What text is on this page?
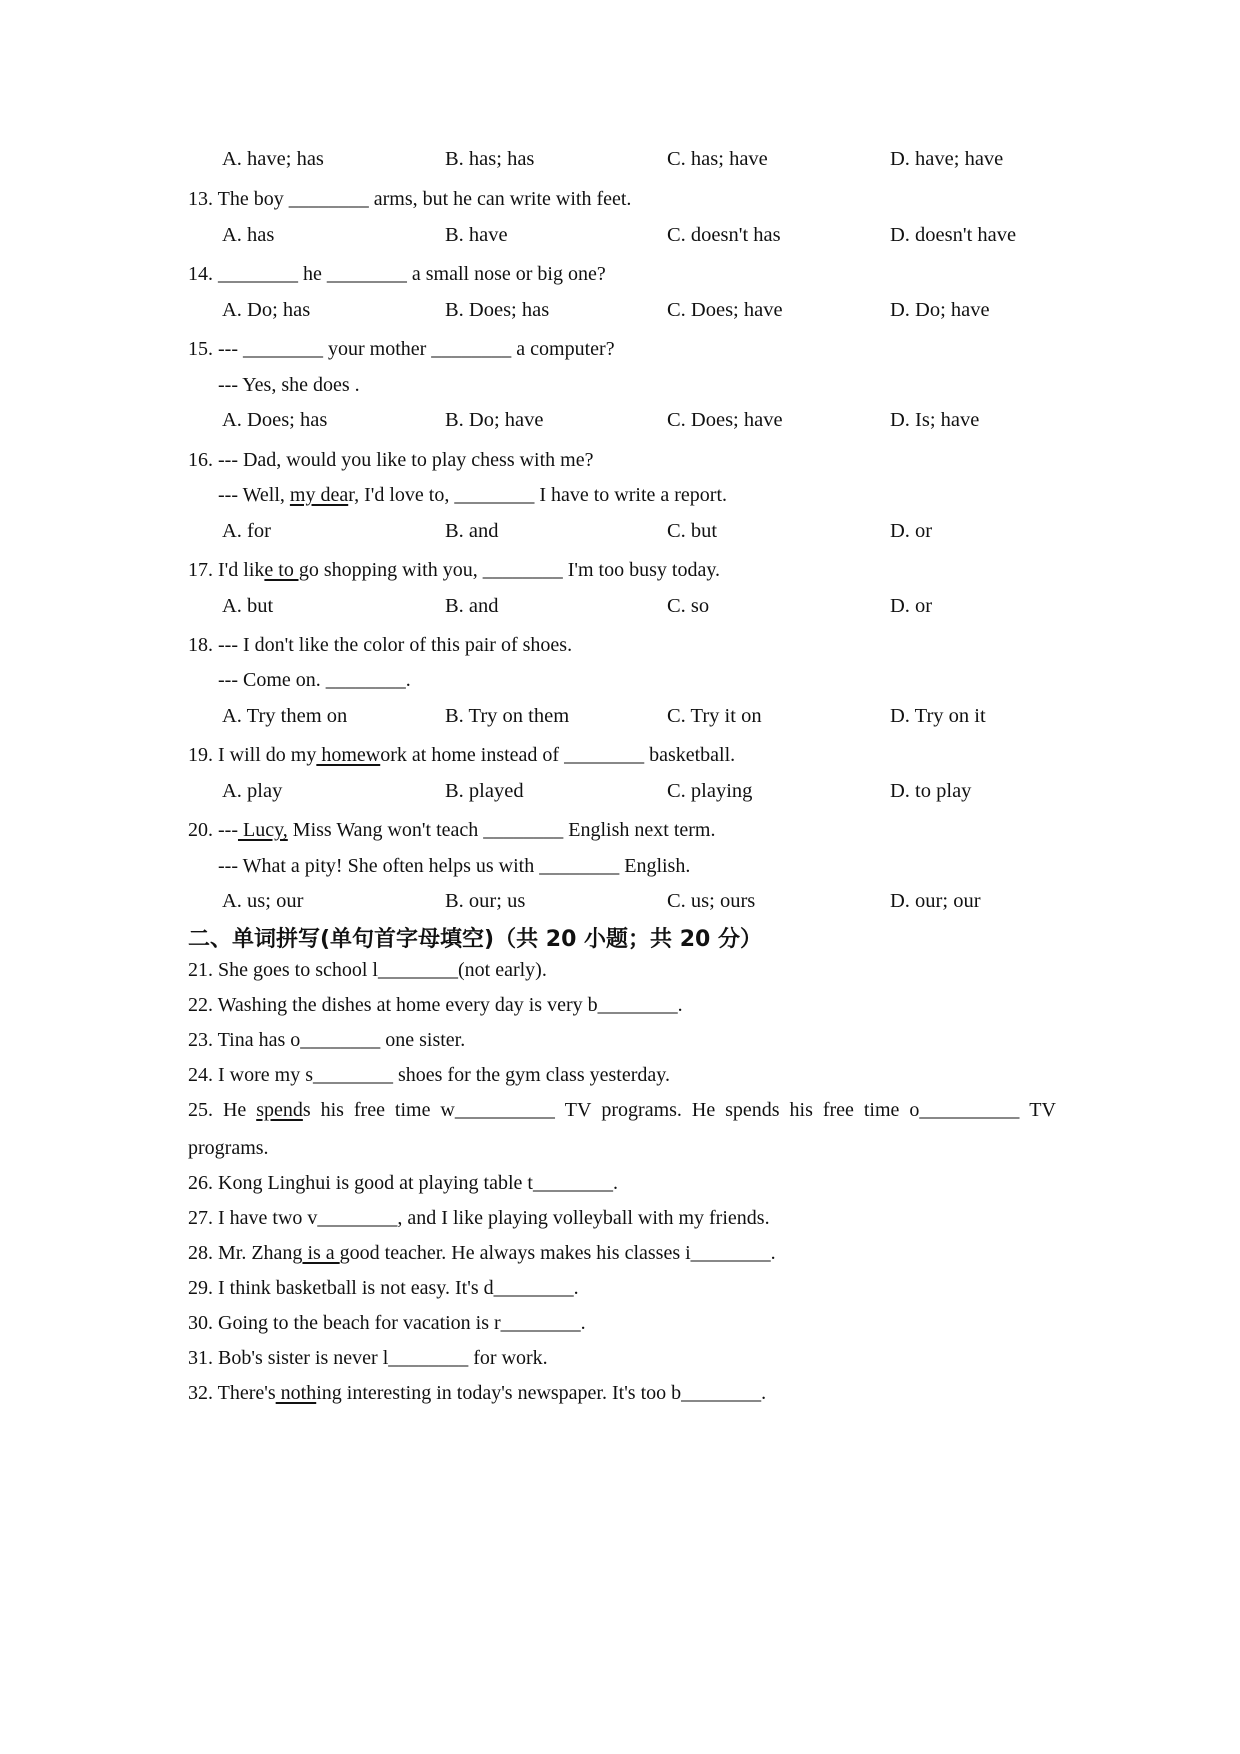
A. have; has	B. has; has	C. has; have	D. have; have
13. The boy ________ arms, but he can write with feet.
A. has	B. have	C. doesn't has	D. doesn't have
14. ________ he ________ a small nose or big one?
A. Do; has	B. Does; has	C. Does; have	D. Do; have
15. --- ________ your mother ________ a computer?
--- Yes, she does .
A. Does; has	B. Do; have	C. Does; have	D. Is; have
16. --- Dad, would you like to play chess with me?
--- Well, my dear, I'd love to, ________ I have to write a report.
A. for	B. and	C. but	D. or
17. I'd like to go shopping with you, ________ I'm too busy today.
A. but	B. and	C. so	D. or
18. --- I don't like the color of this pair of shoes.
--- Come on. ________.
A. Try them on	B. Try on them	C. Try it on	D. Try on it
19. I will do my homework at home instead of ________ basketball.
A. play	B. played	C. playing	D. to play
20. --- Lucy, Miss Wang won't teach ________ English next term.
--- What a pity! She often helps us with ________ English.
A. us; our	B. our; us	C. us; ours	D. our; our
二、单词拼写(单句首字母填空)（共 20 小题；共 20 分）
21. She goes to school l________(not early).
22. Washing the dishes at home every day is very b________.
23. Tina has o________ one sister.
24. I wore my s________ shoes for the gym class yesterday.
25. He spends his free time w__________ TV programs. He spends his free time o__________ TV
programs.
26. Kong Linghui is good at playing table t________.
27. I have two v________, and I like playing volleyball with my friends.
28. Mr. Zhang is a good teacher. He always makes his classes i________.
29. I think basketball is not easy. It's d________.
30. Going to the beach for vacation is r________.
31. Bob's sister is never l________ for work.
32. There's nothing interesting in today's newspaper. It's too b________.
